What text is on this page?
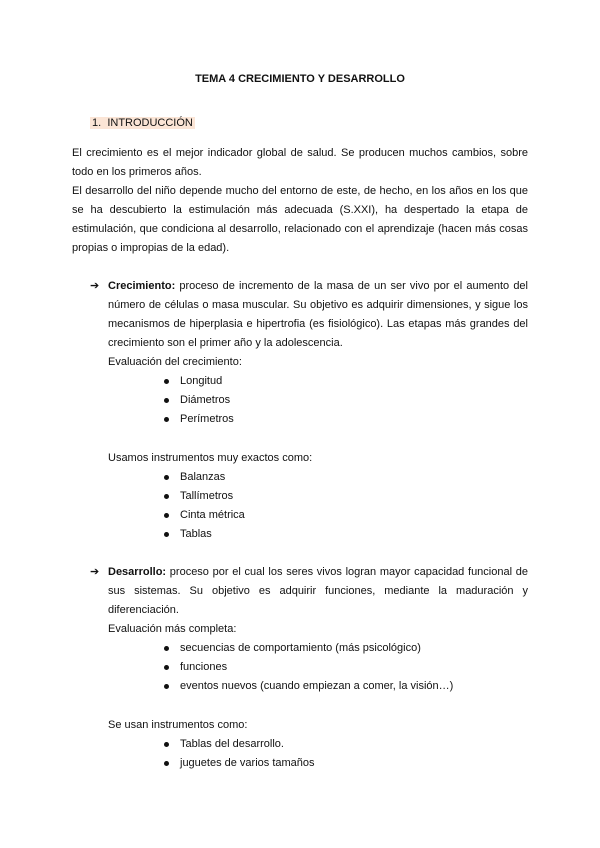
TEMA 4 CRECIMIENTO Y DESARROLLO
1. INTRODUCCIÓN
El crecimiento es el mejor indicador global de salud. Se producen muchos cambios, sobre todo en los primeros años.
El desarrollo del niño depende mucho del entorno de este, de hecho, en los años en los que se ha descubierto la estimulación más adecuada (S.XXI), ha despertado la etapa de estimulación, que condiciona al desarrollo, relacionado con el aprendizaje (hacen más cosas propias o impropias de la edad).
➔ Crecimiento: proceso de incremento de la masa de un ser vivo por el aumento del número de células o masa muscular. Su objetivo es adquirir dimensiones, y sigue los mecanismos de hiperplasia e hipertrofia (es fisiológico). Las etapas más grandes del crecimiento son el primer año y la adolescencia.
Evaluación del crecimiento:
Longitud
Diámetros
Perímetros
Usamos instrumentos muy exactos como:
Balanzas
Tallímetros
Cinta métrica
Tablas
➔ Desarrollo: proceso por el cual los seres vivos logran mayor capacidad funcional de sus sistemas. Su objetivo es adquirir funciones, mediante la maduración y diferenciación.
Evaluación más completa:
secuencias de comportamiento (más psicológico)
funciones
eventos nuevos (cuando empiezan a comer, la visión…)
Se usan instrumentos como:
Tablas del desarrollo.
juguetes de varios tamaños
